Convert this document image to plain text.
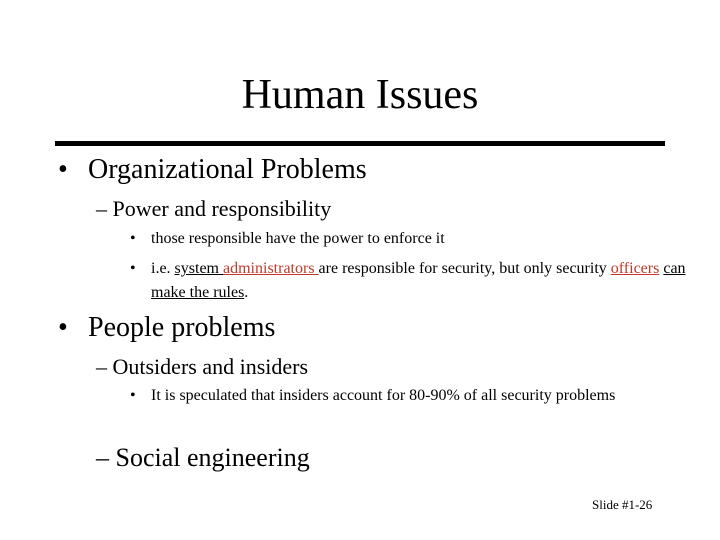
Human Issues
• Organizational Problems
– Power and responsibility
• those responsible have the power to enforce it
• i.e. system administrators are responsible for security, but only security officers can make the rules.
• People problems
– Outsiders and insiders
• It is speculated that insiders account for 80-90% of all security problems
– Social engineering
Slide #1-26
